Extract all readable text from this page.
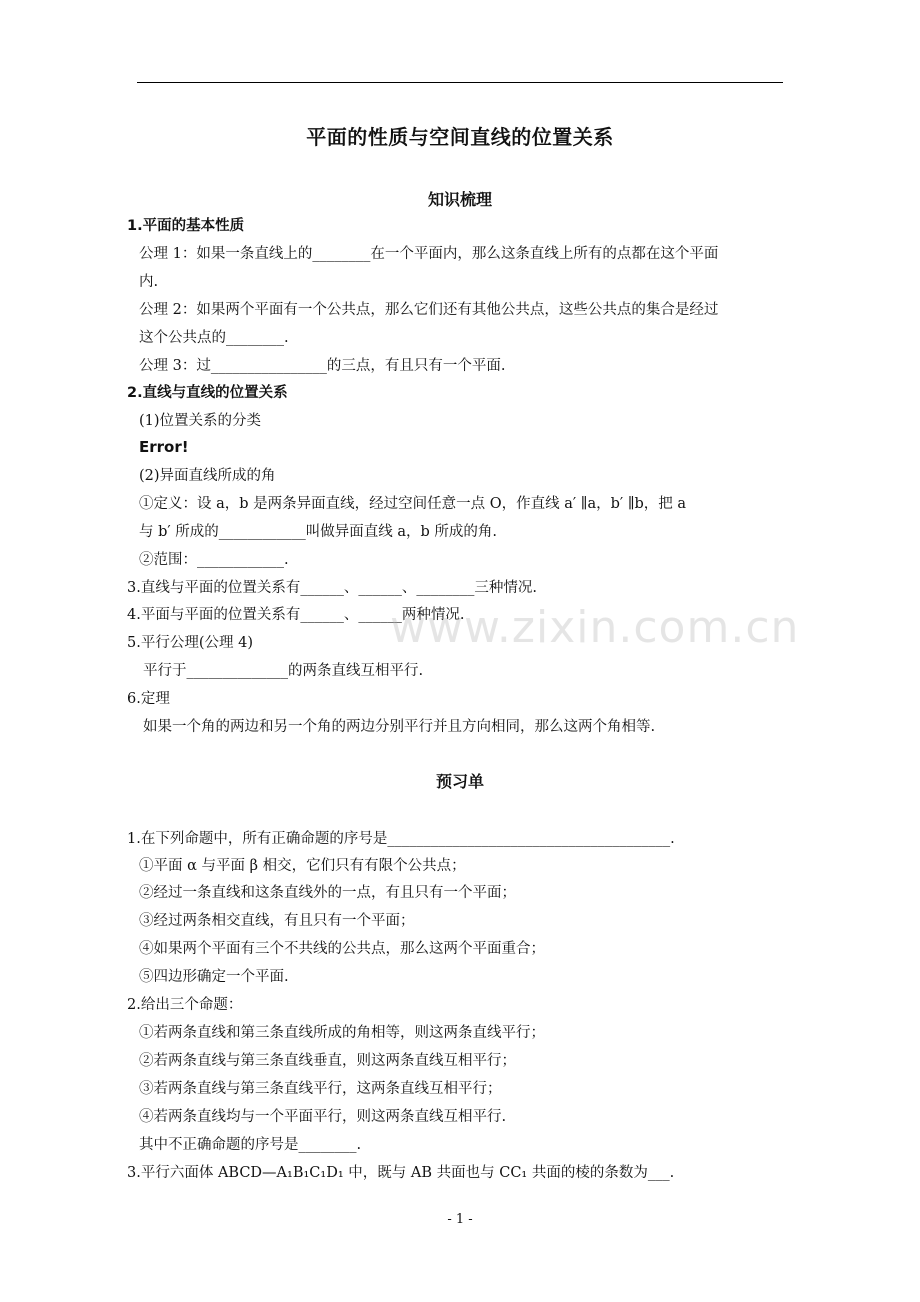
平面的性质与空间直线的位置关系
知识梳理
1.平面的基本性质
公理 1：如果一条直线上的________在一个平面内，那么这条直线上所有的点都在这个平面
内.
公理 2：如果两个平面有一个公共点，那么它们还有其他公共点，这些公共点的集合是经过
这个公共点的________.
公理 3：过________________的三点，有且只有一个平面.
2.直线与直线的位置关系
(1)位置关系的分类
Error!
(2)异面直线所成的角
①定义：设 a，b 是两条异面直线，经过空间任意一点 O，作直线 a′ ∥a，b′ ∥b，把 a
与 b′ 所成的____________叫做异面直线 a，b 所成的角.
②范围：____________.
3.直线与平面的位置关系有______、______、________三种情况.
4.平面与平面的位置关系有______、______两种情况.
5.平行公理(公理 4)
平行于______________的两条直线互相平行.
6.定理
如果一个角的两边和另一个角的两边分别平行并且方向相同，那么这两个角相等.
预习单
1.在下列命题中，所有正确命题的序号是_______________________________________.
①平面 α 与平面 β 相交，它们只有有限个公共点；
②经过一条直线和这条直线外的一点，有且只有一个平面；
③经过两条相交直线，有且只有一个平面；
④如果两个平面有三个不共线的公共点，那么这两个平面重合；
⑤四边形确定一个平面.
2.给出三个命题：
①若两条直线和第三条直线所成的角相等，则这两条直线平行；
②若两条直线与第三条直线垂直，则这两条直线互相平行；
③若两条直线与第三条直线平行，这两条直线互相平行；
④若两条直线均与一个平面平行，则这两条直线互相平行.
其中不正确命题的序号是________.
3.平行六面体 ABCD—A₁B₁C₁D₁ 中，既与 AB 共面也与 CC₁ 共面的棱的条数为___.
www.zixin.com.cn
- 1 -
